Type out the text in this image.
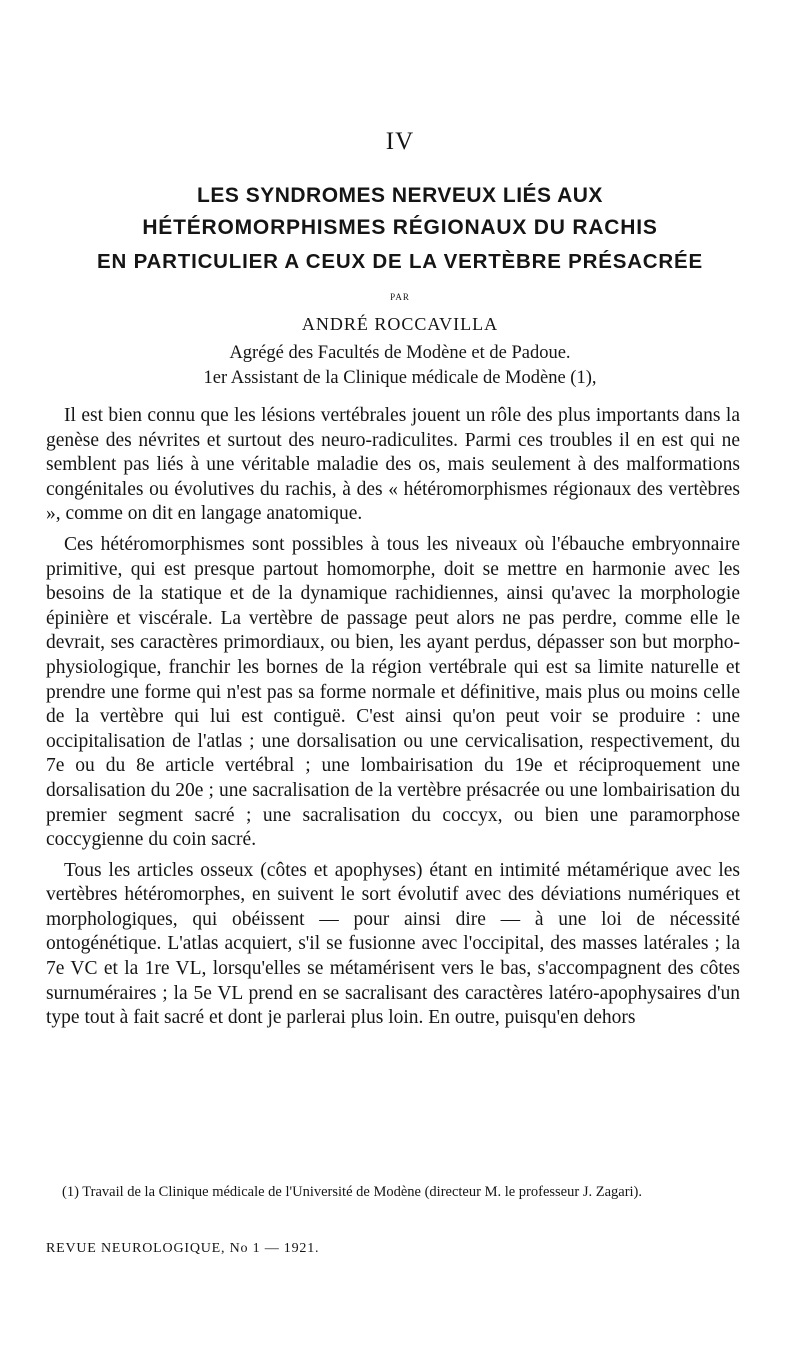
IV
LES SYNDROMES NERVEUX LIÉS AUX
HÉTÉROMORPHISMES RÉGIONAUX DU RACHIS
EN PARTICULIER A CEUX DE LA VERTÈBRE PRÉSACRÉE
PAR
ANDRÉ ROCCAVILLA
Agrégé des Facultés de Modène et de Padoue.
1er Assistant de la Clinique médicale de Modène (1),

Il est bien connu que les lésions vertébrales jouent un rôle des plus importants dans la genèse des névrites et surtout des neuro-radiculites. Parmi ces troubles il en est qui ne semblent pas liés à une véritable maladie des os, mais seulement à des malformations congénitales ou évolutives du rachis, à des « hétéromorphismes régionaux des vertèbres », comme on dit en langage anatomique.

Ces hétéromorphismes sont possibles à tous les niveaux où l'ébauche embryonnaire primitive, qui est presque partout homomorphe, doit se mettre en harmonie avec les besoins de la statique et de la dynamique rachidiennes, ainsi qu'avec la morphologie épinière et viscérale. La vertèbre de passage peut alors ne pas perdre, comme elle le devrait, ses caractères primordiaux, ou bien, les ayant perdus, dépasser son but morpho-physiologique, franchir les bornes de la région vertébrale qui est sa limite naturelle et prendre une forme qui n'est pas sa forme normale et définitive, mais plus ou moins celle de la vertèbre qui lui est contiguë. C'est ainsi qu'on peut voir se produire : une occipitalisation de l'atlas ; une dorsalisation ou une cervicalisation, respectivement, du 7e ou du 8e article vertébral ; une lombairisation du 19e et réciproquement une dorsalisation du 20e ; une sacralisation de la vertèbre présacrée ou une lombairisation du premier segment sacré ; une sacralisation du coccyx, ou bien une paramorphose coccygienne du coin sacré.

Tous les articles osseux (côtes et apophyses) étant en intimité métamérique avec les vertèbres hétéromorphes, en suivent le sort évolutif avec des déviations numériques et morphologiques, qui obéissent — pour ainsi dire — à une loi de nécessité ontogénétique. L'atlas acquiert, s'il se fusionne avec l'occipital, des masses latérales ; la 7e VC et la 1re VL, lorsqu'elles se métamérisent vers le bas, s'accompagnent des côtes surnuméraires ; la 5e VL prend en se sacralisant des caractères latéro-apophysaires d'un type tout à fait sacré et dont je parlerai plus loin. En outre, puisqu'en dehors

(1) Travail de la Clinique médicale de l'Université de Modène (directeur M. le professeur J. Zagari).
REVUE NEUROLOGIQUE, No 1 — 1921.
